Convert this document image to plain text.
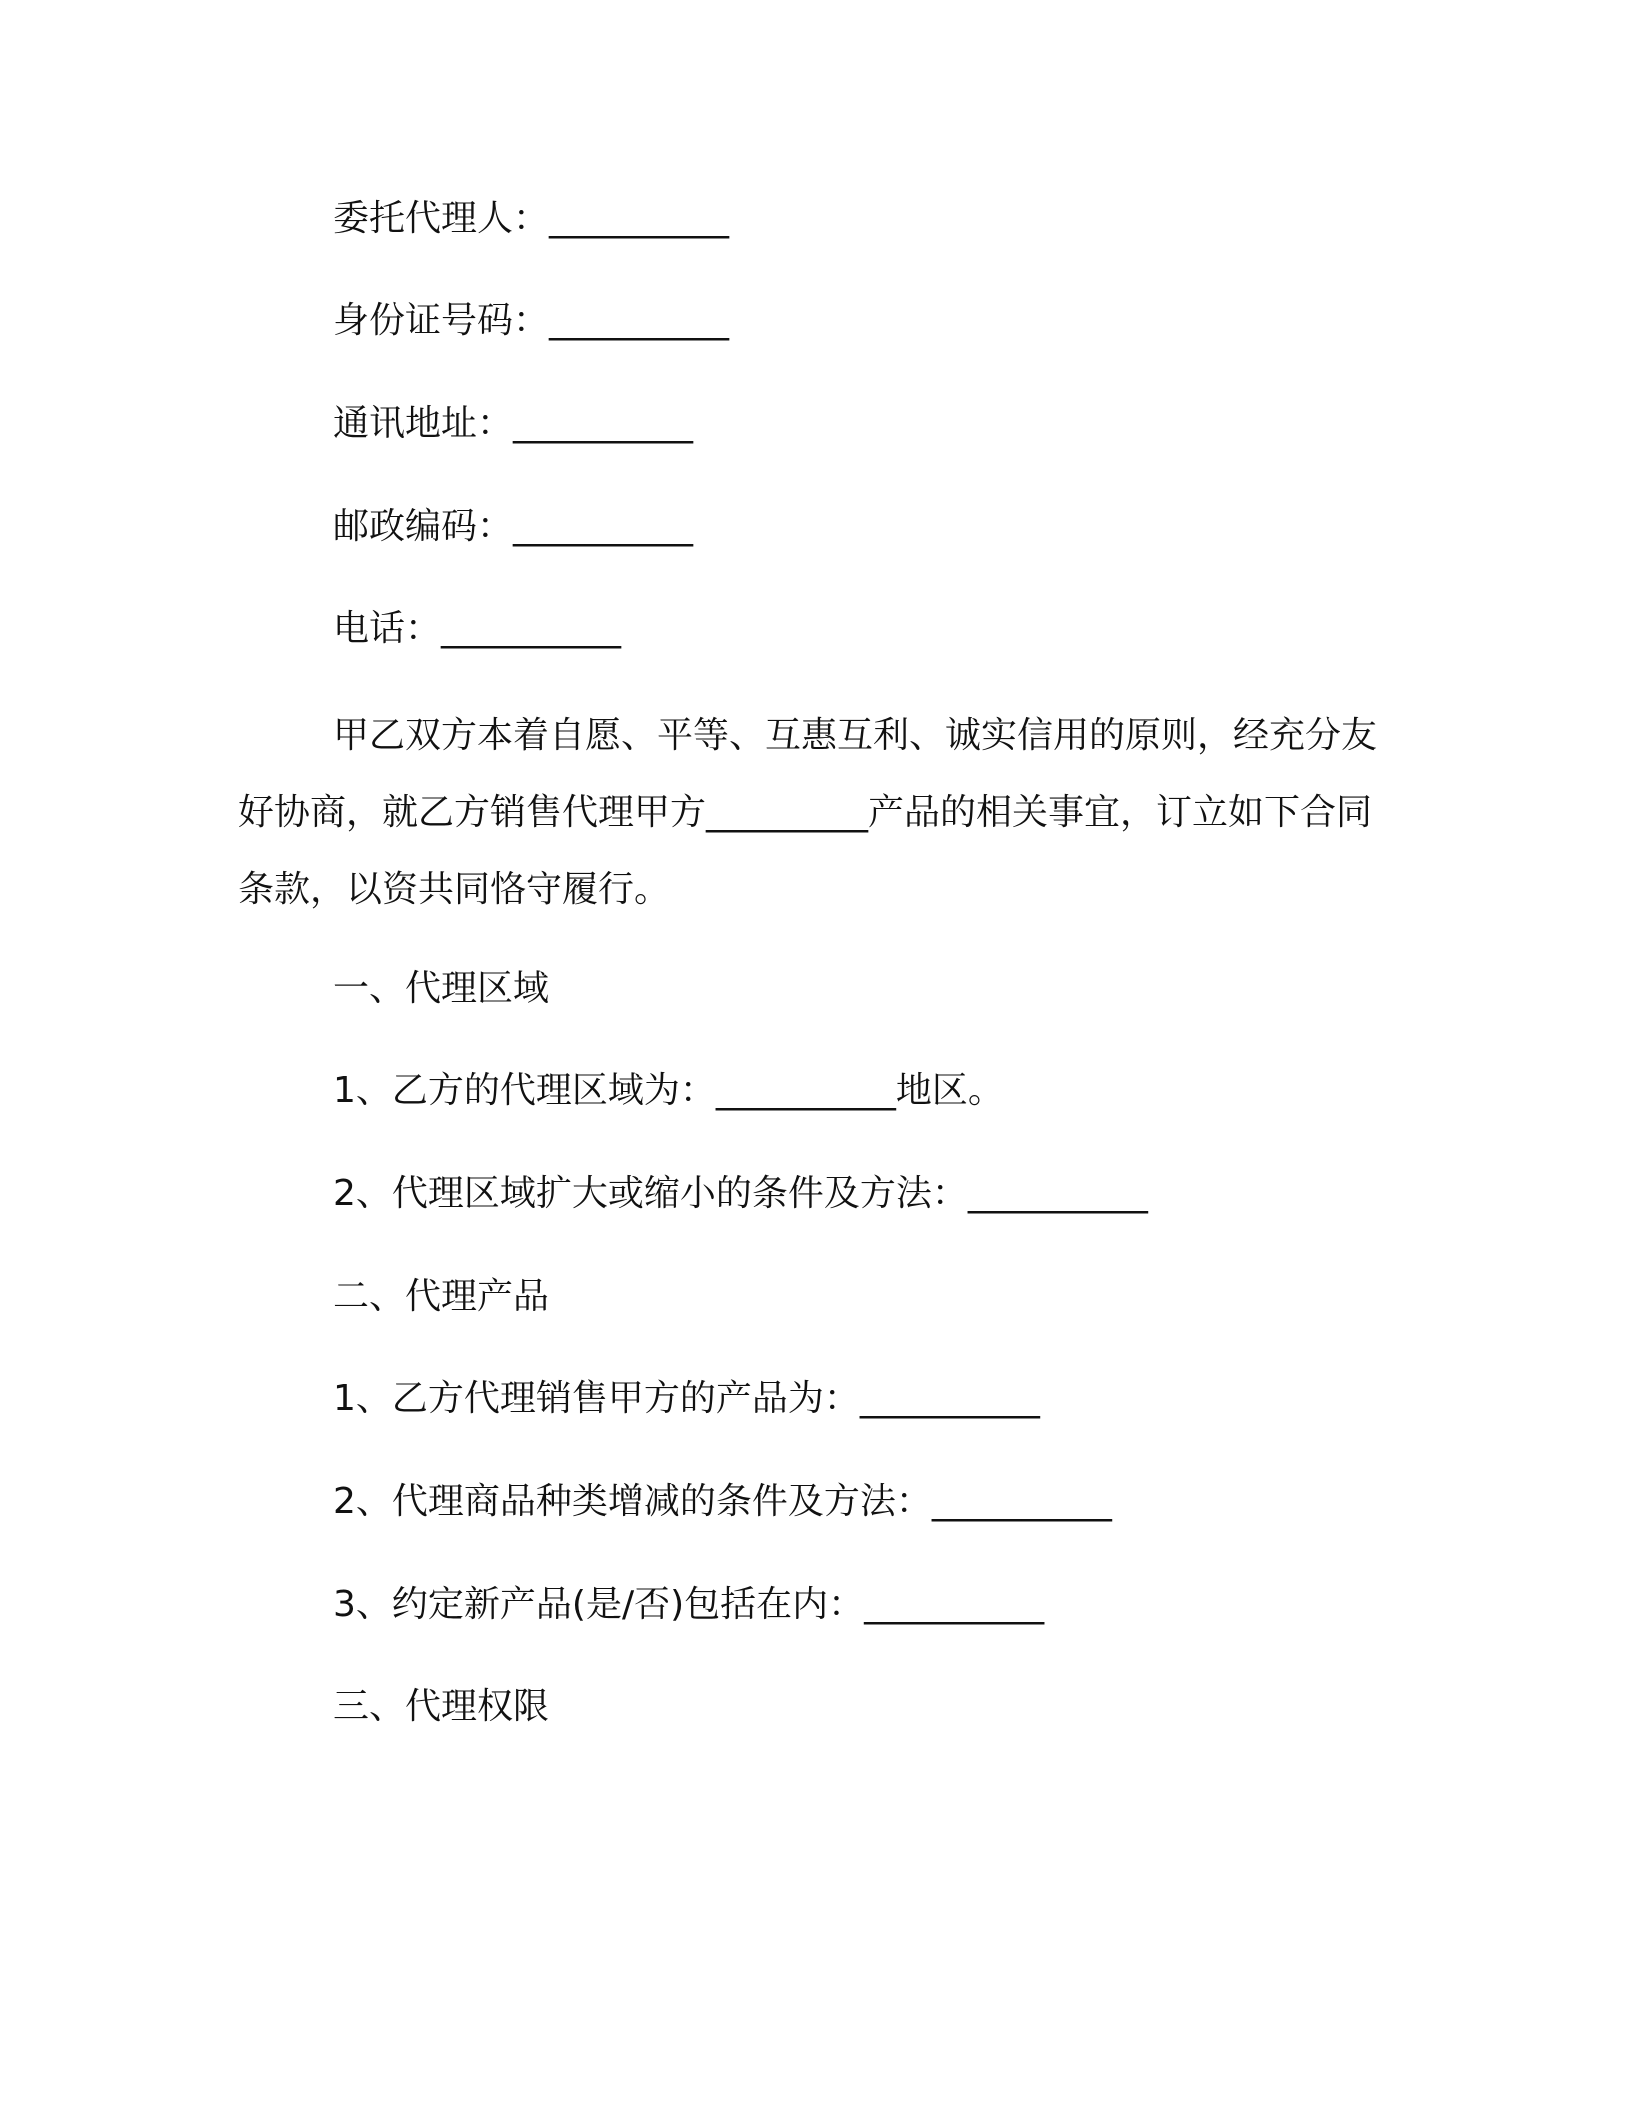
委托代理人：__________
身份证号码：__________
通讯地址：__________
邮政编码：__________
电话：__________
甲乙双方本着自愿、平等、互惠互利、诚实信用的原则，经充分友好协商，就乙方销售代理甲方_________产品的相关事宜，订立如下合同条款，以资共同恪守履行。
一、代理区域
1、乙方的代理区域为：__________地区。
2、代理区域扩大或缩小的条件及方法：__________
二、代理产品
1、乙方代理销售甲方的产品为：__________
2、代理商品种类增减的条件及方法：__________
3、约定新产品(是/否)包括在内：__________
三、代理权限
